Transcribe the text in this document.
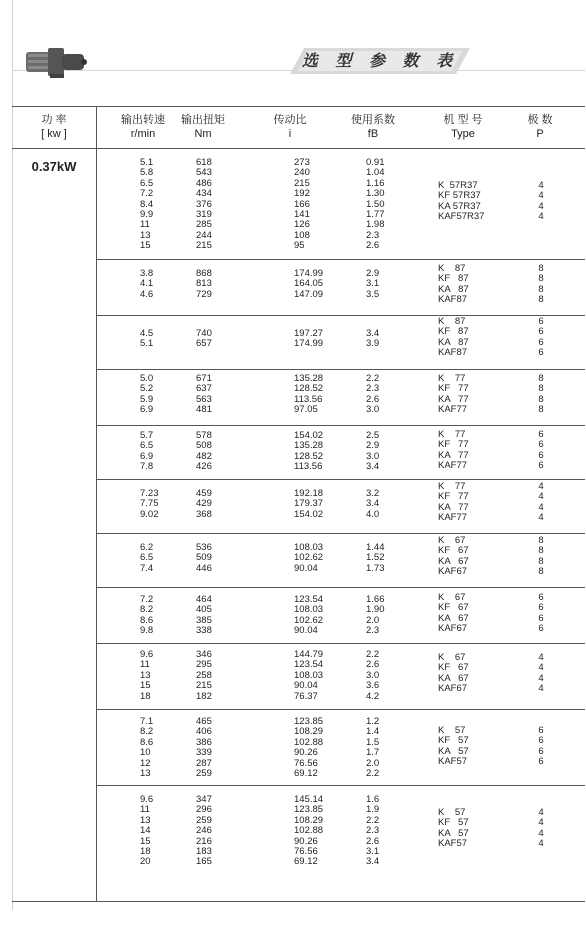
选 型 参 数 表
功 率
[ kw ]
输出转速
r/min
输出扭矩
Nm
传动比
i
使用系数
fB
机 型 号
Type
极 数
P
0.37kW	5.1
5.8
6.5
7.2
8.4
9.9
11
13
15
618
543
486
434
376
319
285
244
215
273
240
215
192
166
141
126
108
95
0.91
1.04
1.16
1.30
1.50
1.77
1.98
2.3
2.6
K  57R37
KF 57R37
KA 57R37
KAF57R37
4
4
4
4
3.8
4.1
4.6
868
813
729
174.99
164.05
147.09
2.9
3.1
3.5
K    87
KF   87
KA   87
KAF87
8
8
8
8
4.5
5.1
740
657
197.27
174.99
3.4
3.9
K    87
KF   87
KA   87
KAF87
6
6
6
6
5.0
5.2
5.9
6.9
671
637
563
481
135.28
128.52
113.56
97.05
2.2
2.3
2.6
3.0
K    77
KF   77
KA   77
KAF77
8
8
8
8
5.7
6.5
6.9
7.8
578
508
482
426
154.02
135.28
128.52
113.56
2.5
2.9
3.0
3.4
K    77
KF   77
KA   77
KAF77
6
6
6
6
7.23
7.75
9.02
459
429
368
192.18
179.37
154.02
3.2
3.4
4.0
K    77
KF   77
KA   77
KAF77
4
4
4
4
6.2
6.5
7.4
536
509
446
108.03
102.62
90.04
1.44
1.52
1.73
K    67
KF   67
KA   67
KAF67
8
8
8
8
7.2
8.2
8.6
9.8
464
405
385
338
123.54
108.03
102.62
90.04
1.66
1.90
2.0
2.3
K    67
KF   67
KA   67
KAF67
6
6
6
6
9.6
11
13
15
18
346
295
258
215
182
144.79
123.54
108.03
90.04
76.37
2.2
2.6
3.0
3.6
4.2
K    67
KF   67
KA   67
KAF67
4
4
4
4
7.1
8.2
8.6
10
12
13
465
406
386
339
287
259
123.85
108.29
102.88
90.26
76.56
69.12
1.2
1.4
1.5
1.7
2.0
2.2
K    57
KF   57
KA   57
KAF57
6
6
6
6
9.6
11
13
14
15
18
20
347
296
259
246
216
183
165
145.14
123.85
108.29
102.88
90.26
76.56
69.12
1.6
1.9
2.2
2.3
2.6
3.1
3.4
K    57
KF   57
KA   57
KAF57
4
4
4
4
